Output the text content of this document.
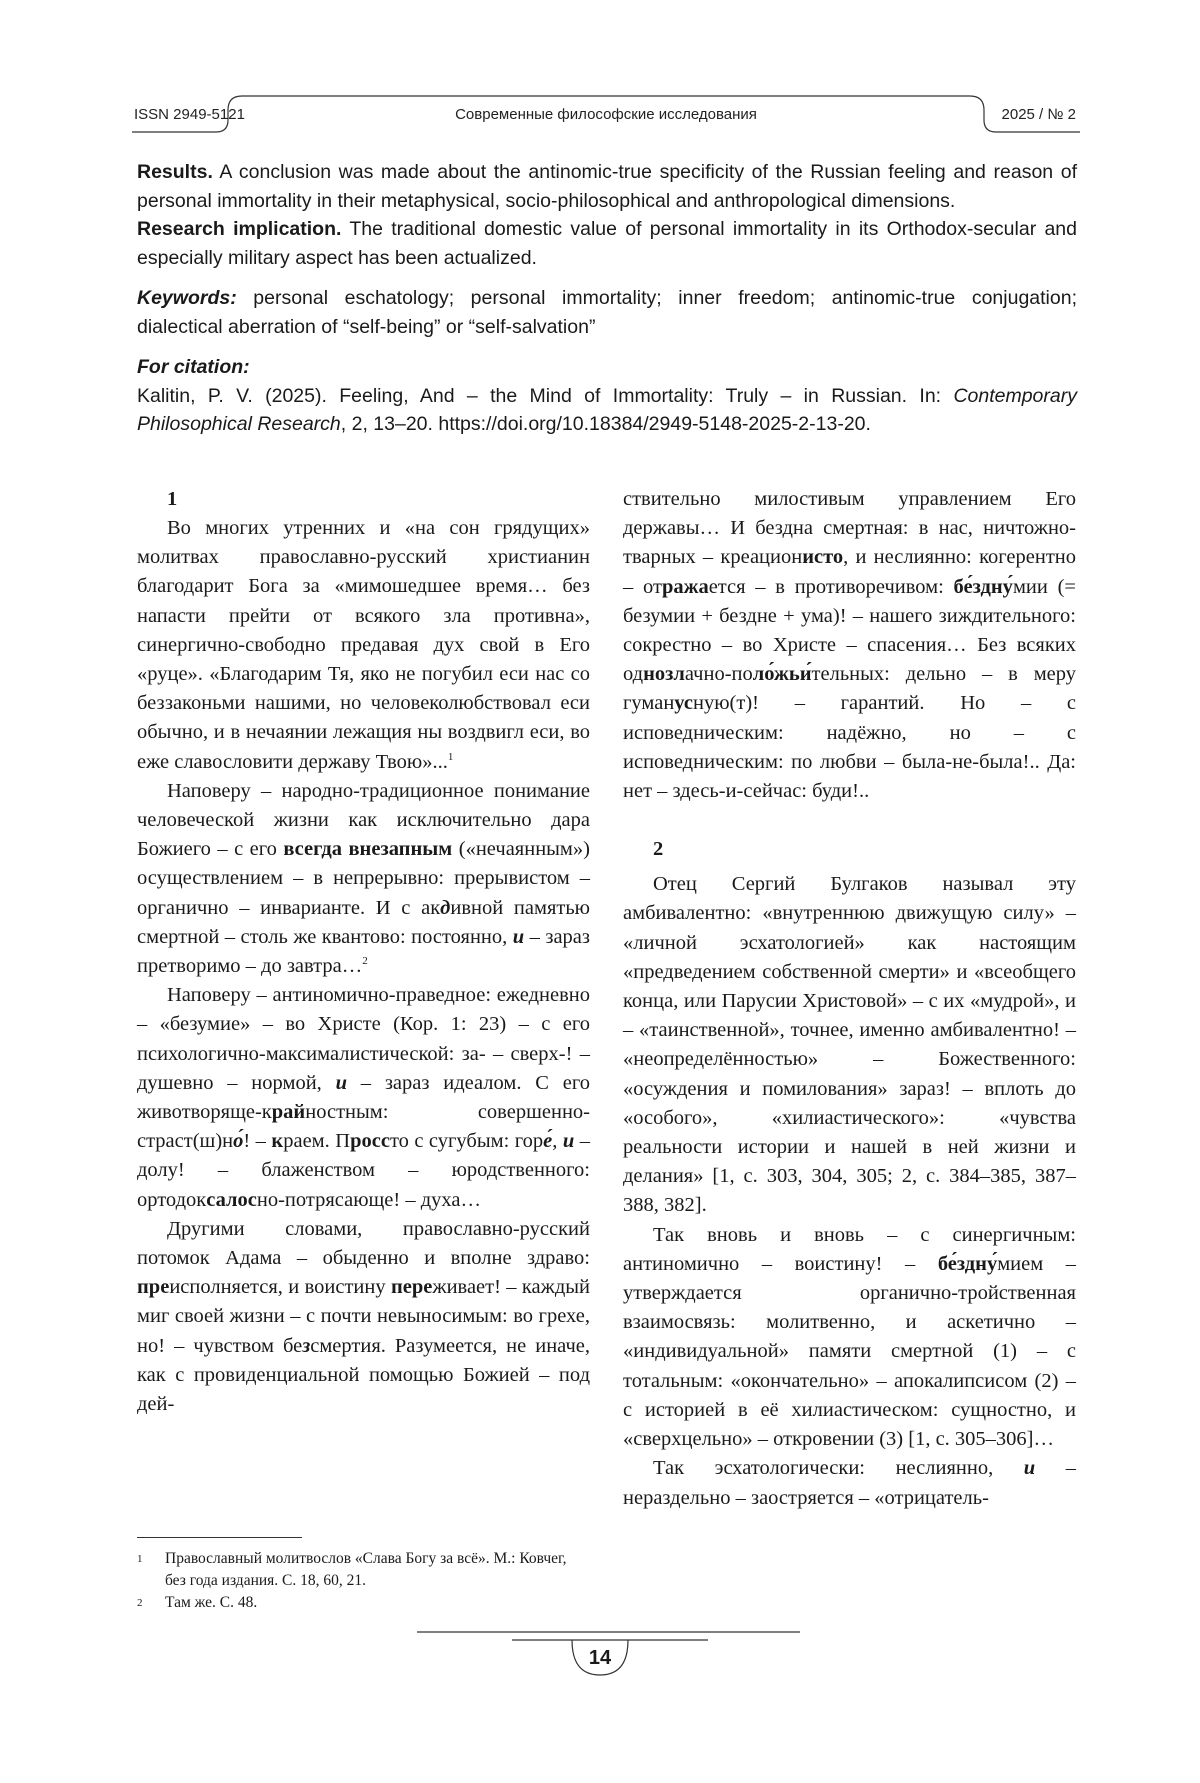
ISSN 2949-5121	Современные философские исследования	2025 / № 2

Results. A conclusion was made about the antinomic-true specificity of the Russian feeling and reason of personal immortality in their metaphysical, socio-philosophical and anthropological dimensions.

Research implication. The traditional domestic value of personal immortality in its Orthodox-secular and especially military aspect has been actualized.

Keywords: personal eschatology; personal immortality; inner freedom; antinomic-true conjugation; dialectical aberration of “self-being” or “self-salvation”

For citation:

Kalitin, P. V. (2025). Feeling, And – the Mind of Immortality: Truly – in Russian. In: Contemporary Philosophical Research, 2, 13–20. https://doi.org/10.18384/2949-5148-2025-2-13-20.

1

Во многих утренних и «на сон грядущих» молитвах православно-русский христианин благодарит Бога за «мимошедшее время… без напасти прейти от всякого зла противна», синергично-свободно предавая дух свой в Его «руце». «Благодарим Тя, яко не погубил еси нас со беззаконьми нашими, но человеколюбствовал еси обычно, и в нечаянии лежащия ны воздвигл еси, во еже славословити державу Твою»...$^1$

Наповеру – народно-традиционное понимание человеческой жизни как исключительно дара Божиего – с его всегда внезапным («нечаянным») осуществлением – в непрерывно: прерывистом – органично – инварианте. И с акдивной памятью смертной – столь же квантово: постоянно, и – зараз претворимо – до завтра…$^2$

Наповеру – антиномично-праведное: ежедневно – «безумие» – во Христе (Кор. 1: 23) – с его психологично-максималистической: за- – сверх-! – душевно – нормой, и – зараз идеалом. С его животворяще-крайностным: совершенно-страст(ш)но́! – краем. Проссто с сугубым: горе́, и – долу! – блаженством – юродственного: ортодоксалосно-потрясающе! – духа…

Другими словами, православно-русский потомок Адама – обыденно и вполне здраво: преисполняется, и воистину переживает! – каждый миг своей жизни – с почти невыносимым: во грехе, но! – чувством безсмертия. Разумеется, не иначе, как с провиденциальной помощью Божией – под дей-

1	Православный молитвослов «Слава Богу за всё». М.: Ковчег, без года издания. С. 18, 60, 21.
2	Там же. С. 48.

ствительно милостивым управлением Его державы… И бездна смертная: в нас, ничтожно-тварных – креационисто, и неслиянно: когерентно – отражается – в противоречивом: бе́здну́мии (= безумии + бездне + ума)! – нашего зиждительного: сокрестно – во Христе – спасения… Без всяких однозлачно-поло́жьи́тельных: дельно – в меру гуманусную(т)! – гарантий. Но – с исповедническим: надёжно, но – с исповедническим: по любви – была-не-была!.. Да: нет – здесь-и-сейчас: буди!..

2

Отец Сергий Булгаков называл эту амбивалентно: «внутреннюю движущую силу» – «личной эсхатологией» как настоящим «предведением собственной смерти» и «всеобщего конца, или Парусии Христовой» – с их «мудрой», и – «таинственной», точнее, именно амбивалентно! – «неопределённостью» – Божественного: «осуждения и помилования» зараз! – вплоть до «особого», «хилиастического»: «чувства реальности истории и нашей в ней жизни и делания» [1, с. 303, 304, 305; 2, с. 384–385, 387–388, 382].

Так вновь и вновь – с синергичным: антиномично – воистину! – бе́здну́мием – утверждается органично-тройственная взаимосвязь: молитвенно, и аскетично – «индивидуальной» памяти смертной (1) – с тотальным: «окончательно» – апокалипсисом (2) – с историей в её хилиастическом: сущностно, и «сверхцельно» – откровении (3) [1, с. 305–306]…

Так эсхатологически: неслиянно, и – нераздельно – заостряется – «отрицатель-

14
